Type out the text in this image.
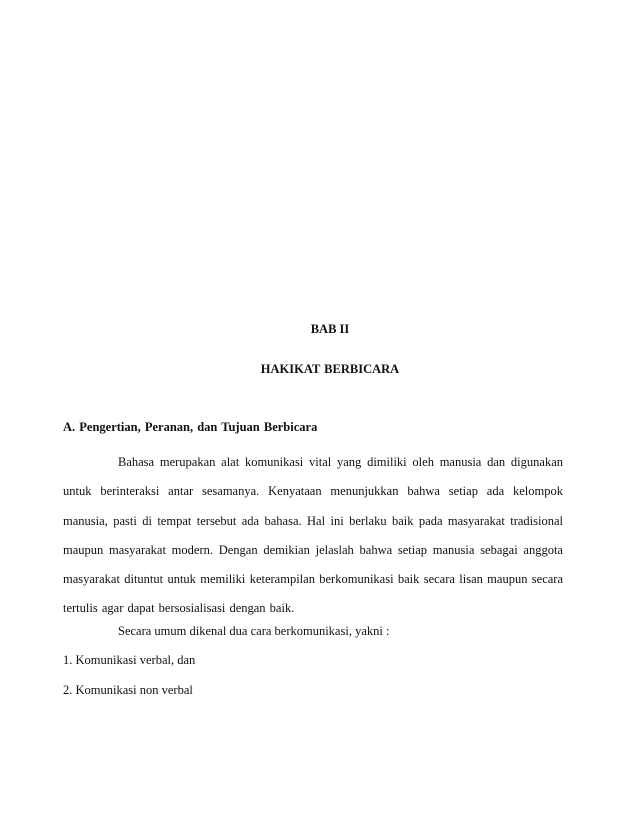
BAB II
HAKIKAT BERBICARA
A. Pengertian, Peranan, dan Tujuan Berbicara
Bahasa merupakan alat komunikasi vital yang dimiliki oleh manusia dan digunakan untuk berinteraksi antar sesamanya. Kenyataan menunjukkan bahwa setiap ada kelompok manusia, pasti di tempat tersebut ada bahasa. Hal ini berlaku baik pada masyarakat tradisional maupun masyarakat modern. Dengan demikian jelaslah bahwa setiap manusia sebagai anggota masyarakat dituntut untuk memiliki keterampilan berkomunikasi baik secara lisan maupun secara tertulis agar dapat bersosialisasi dengan baik.
Secara umum dikenal dua cara berkomunikasi, yakni :
1. Komunikasi verbal, dan
2. Komunikasi non verbal
